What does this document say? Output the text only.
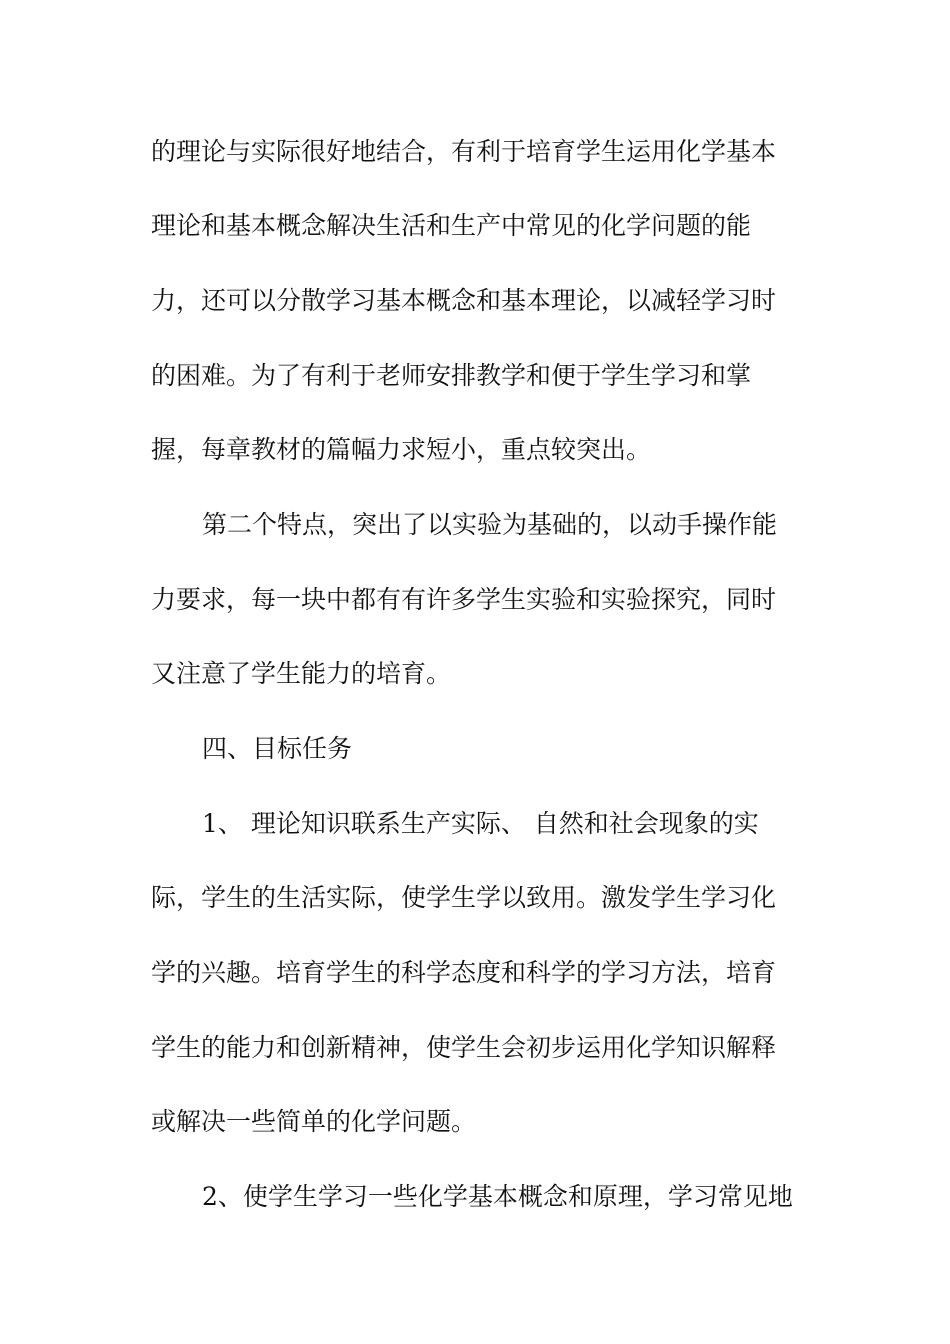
的理论与实际很好地结合，有利于培育学生运用化学基本
理论和基本概念解决生活和生产中常见的化学问题的能
力，还可以分散学习基本概念和基本理论，以减轻学习时
的困难。为了有利于老师安排教学和便于学生学习和掌
握，每章教材的篇幅力求短小，重点较突出。
第二个特点，突出了以实验为基础的，以动手操作能
力要求，每一块中都有有许多学生实验和实验探究，同时
又注意了学生能力的培育。
四、目标任务
1、 理论知识联系生产实际、 自然和社会现象的实
际，学生的生活实际，使学生学以致用。激发学生学习化
学的兴趣。培育学生的科学态度和科学的学习方法，培育
学生的能力和创新精神，使学生会初步运用化学知识解释
或解决一些简单的化学问题。
2、使学生学习一些化学基本概念和原理，学习常见地
